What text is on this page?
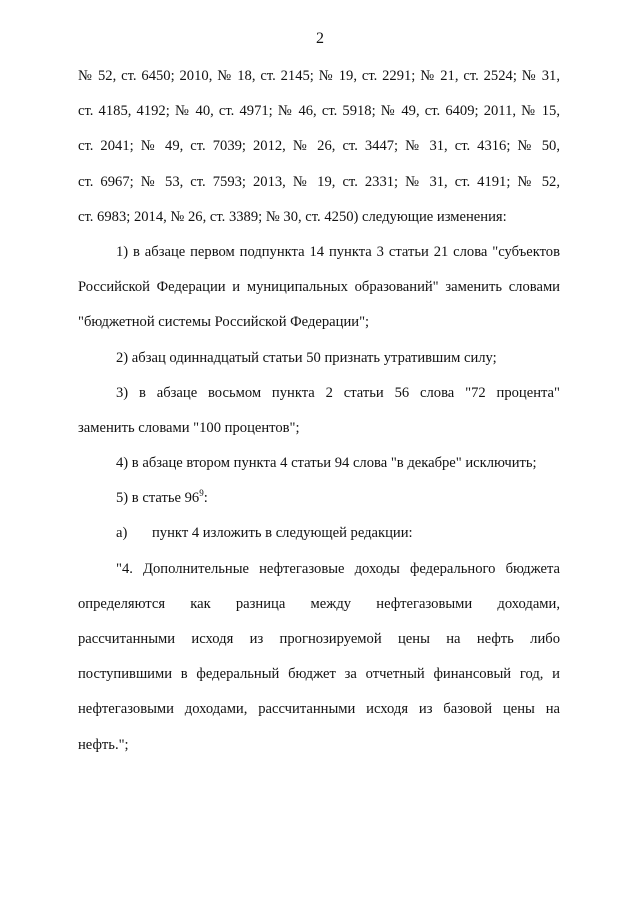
2
№ 52, ст. 6450; 2010, № 18, ст. 2145; № 19, ст. 2291; № 21, ст. 2524; № 31,
ст. 4185, 4192; № 40, ст. 4971; № 46, ст. 5918; № 49, ст. 6409; 2011, № 15,
ст. 2041; № 49, ст. 7039; 2012, № 26, ст. 3447; № 31, ст. 4316; № 50,
ст. 6967; № 53, ст. 7593; 2013, № 19, ст. 2331; № 31, ст. 4191; № 52,
ст. 6983; 2014, № 26, ст. 3389; № 30, ст. 4250) следующие изменения:
1) в абзаце первом подпункта 14 пункта 3 статьи 21 слова "субъектов
Российской Федерации и муниципальных образований" заменить словами
"бюджетной системы Российской Федерации";
2) абзац одиннадцатый статьи 50 признать утратившим силу;
3) в абзаце восьмом пункта 2 статьи 56 слова "72 процента"
заменить словами "100 процентов";
4) в абзаце втором пункта 4 статьи 94 слова "в декабре" исключить;
5) в статье $96^9$:
а)	пункт 4 изложить в следующей редакции:
"4. Дополнительные нефтегазовые доходы федерального бюджета
определяются как разница между нефтегазовыми доходами,
рассчитанными исходя из прогнозируемой цены на нефть либо
поступившими в федеральный бюджет за отчетный финансовый год, и
нефтегазовыми доходами, рассчитанными исходя из базовой цены на
нефть.";
